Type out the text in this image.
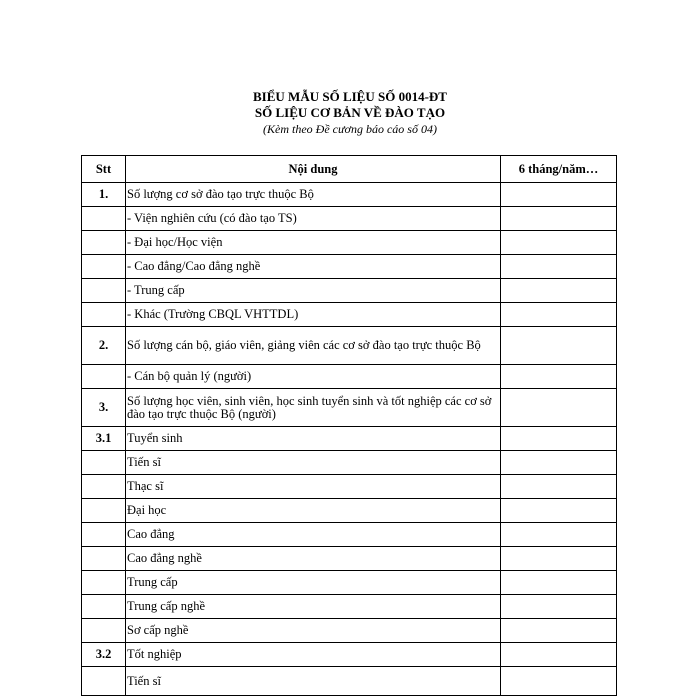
BIỂU MẪU SỐ LIỆU SỐ 0014-ĐT
SỐ LIỆU CƠ BẢN VỀ ĐÀO TẠO
(Kèm theo Đề cương báo cáo số 04)
Stt	Nội dung	6 tháng/năm…
1.	Số lượng cơ sở đào tạo trực thuộc Bộ	
	- Viện nghiên cứu (có đào tạo TS)	
	- Đại học/Học viện	
	- Cao đẳng/Cao đẳng nghề	
	- Trung cấp	
	- Khác (Trường CBQL VHTTDL)	
2.	Số lượng cán bộ, giáo viên, giảng viên các cơ sở đào tạo trực thuộc Bộ	
	- Cán bộ quản lý (người)	
3.	Số lượng học viên, sinh viên, học sinh tuyển sinh và tốt nghiệp các cơ sở đào tạo trực thuộc Bộ (người)	
3.1	Tuyển sinh	
	Tiến sĩ	
	Thạc sĩ	
	Đại học	
	Cao đẳng	
	Cao đẳng nghề	
	Trung cấp	
	Trung cấp nghề	
	Sơ cấp nghề	
3.2	Tốt nghiệp	
	Tiến sĩ	
